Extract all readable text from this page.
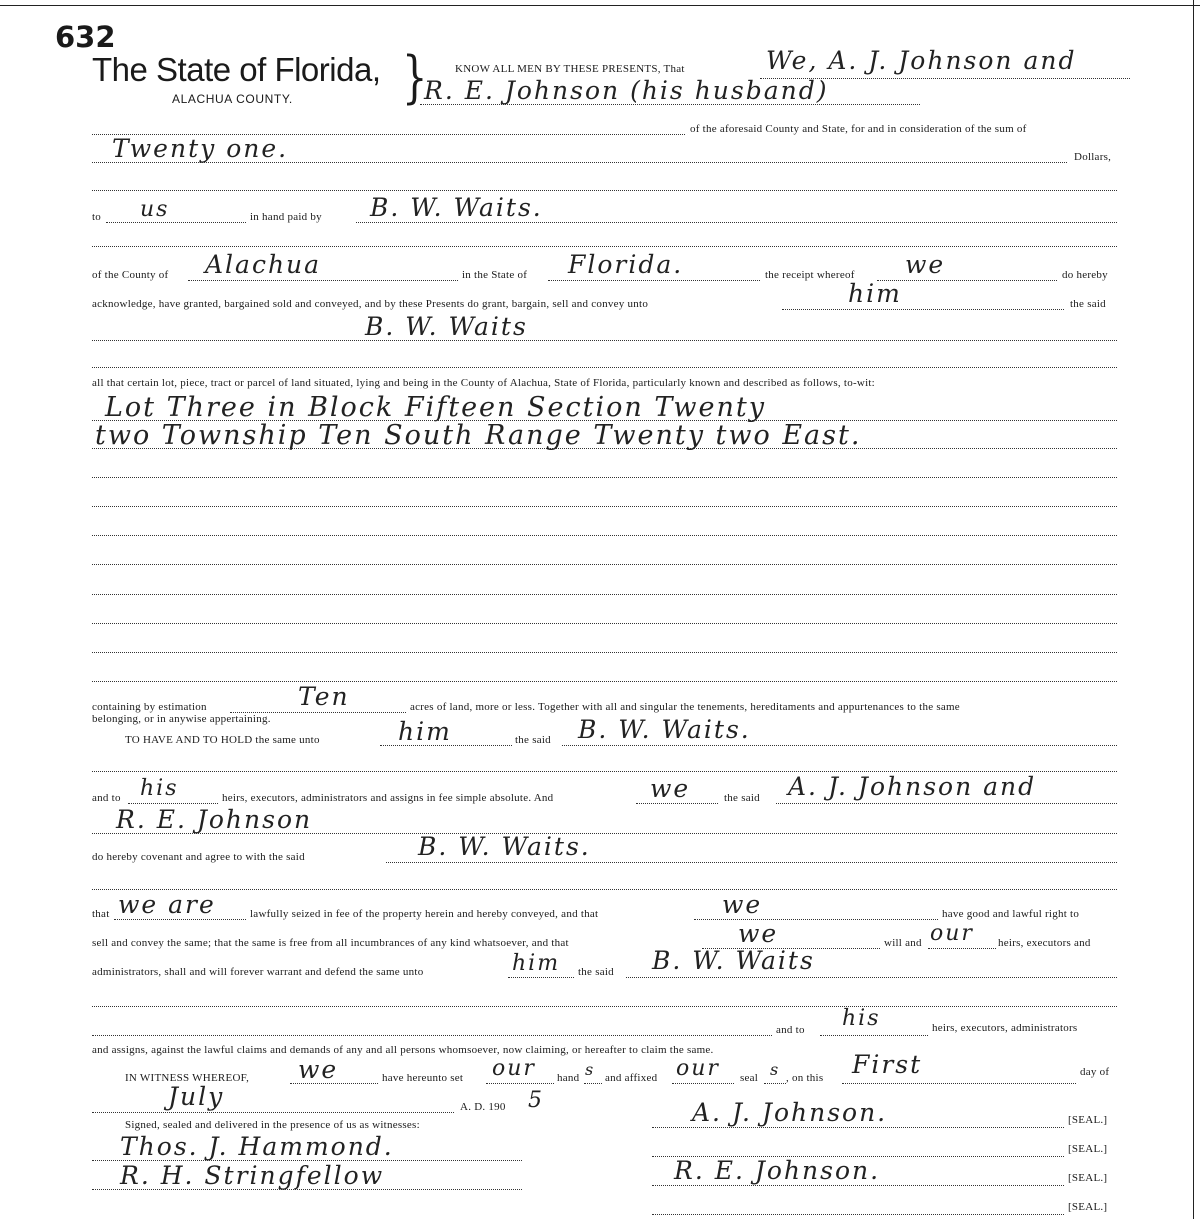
632
The State of Florida,
ALACHUA COUNTY.	}	KNOW ALL MEN BY THESE PRESENTS, That	We, A. J. Johnson and
R. E. Johnson (his husband)
of the aforesaid County and State, for and in consideration of the sum of
Twenty one.	Dollars,
to us	in hand paid by B. W. Waits.
of the County of Alachua	in the State of Florida.	the receipt whereof we	do hereby
acknowledge, have granted, bargained sold and conveyed, and by these Presents do grant, bargain, sell and convey unto	him	the said
B. W. Waits
all that certain lot, piece, tract or parcel of land situated, lying and being in the County of Alachua, State of Florida, particularly known and described as follows, to-wit:
Lot Three in Block Fifteen Section Twenty
two Township Ten South Range Twenty two East.
containing by estimation	Ten	acres of land, more or less. Together with all and singular the tenements, hereditaments and appurtenances to the same
belonging, or in anywise appertaining.
TO HAVE AND TO HOLD the same unto	him	the said B. W. Waits.
and to his	heirs, executors, administrators and assigns in fee simple absolute. And	we	the said A. J. Johnson and
R. E. Johnson
do hereby covenant and agree to with the said	B. W. Waits.
that we are	lawfully seized in fee of the property herein and hereby conveyed, and that	we	have good and lawful right to
sell and convey the same; that the same is free from all incumbrances of any kind whatsoever, and that	we	will and our heirs, executors and
administrators, shall and will forever warrant and defend the same unto	him the said B. W. Waits
and to his	heirs, executors, administrators
and assigns, against the lawful claims and demands of any and all persons whomsoever, now claiming, or hereafter to claim the same.
IN WITNESS WHEREOF, we	have hereunto set our hand s and affixed our seal s , on this First	day of
July	A. D. 190 5
Signed, sealed and delivered in the presence of us as witnesses:
Thos. J. Hammond.
R. H. Stringfellow
A. J. Johnson.	[SEAL.]
[SEAL.]
R. E. Johnson.	[SEAL.]
[SEAL.]
